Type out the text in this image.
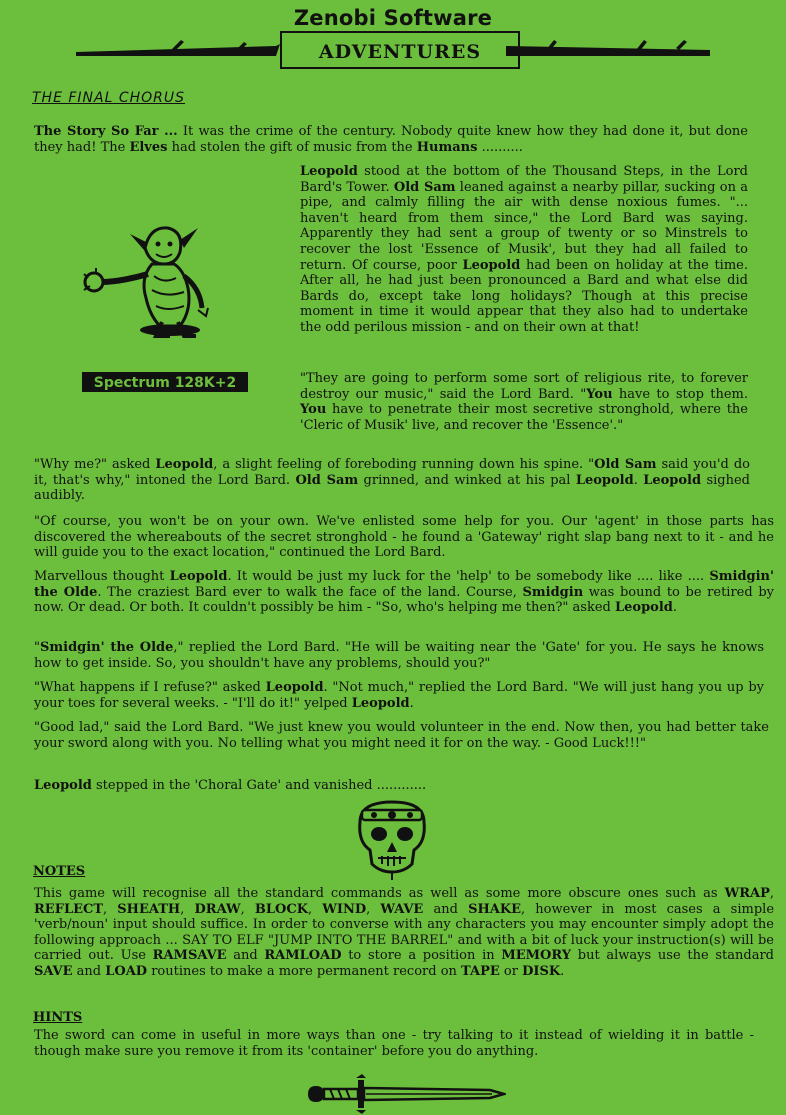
Zenobi Software
adventures
THE FINAL CHORUS

The Story So Far ... It was the crime of the century. Nobody quite knew how they had done it, but done they had! The Elves had stolen the gift of music from the Humans ..........

Spectrum 128K+2

Leopold stood at the bottom of the Thousand Steps, in the Lord Bard's Tower. Old Sam leaned against a nearby pillar, sucking on a pipe, and calmly filling the air with dense noxious fumes. "... haven't heard from them since," the Lord Bard was saying. Apparently they had sent a group of twenty or so Minstrels to recover the lost 'Essence of Musik', but they had all failed to return. Of course, poor Leopold had been on holiday at the time. After all, he had just been pronounced a Bard and what else did Bards do, except take long holidays? Though at this precise moment in time it would appear that they also had to undertake the odd perilous mission - and on their own at that!

"They are going to perform some sort of religious rite, to forever destroy our music," said the Lord Bard. "You have to stop them. You have to penetrate their most secretive stronghold, where the 'Cleric of Musik' live, and recover the 'Essence'."

"Why me?" asked Leopold, a slight feeling of foreboding running down his spine. "Old Sam said you'd do it, that's why," intoned the Lord Bard. Old Sam grinned, and winked at his pal Leopold. Leopold sighed audibly.

"Of course, you won't be on your own. We've enlisted some help for you. Our 'agent' in those parts has discovered the whereabouts of the secret stronghold - he found a 'Gateway' right slap bang next to it - and he will guide you to the exact location," continued the Lord Bard.

Marvellous thought Leopold. It would be just my luck for the 'help' to be somebody like .... like .... Smidgin' the Olde. The craziest Bard ever to walk the face of the land. Course, Smidgin was bound to be retired by now. Or dead. Or both. It couldn't possibly be him - "So, who's helping me then?" asked Leopold.

"Smidgin' the Olde," replied the Lord Bard. "He will be waiting near the 'Gate' for you. He says he knows how to get inside. So, you shouldn't have any problems, should you?"

"What happens if I refuse?" asked Leopold. "Not much," replied the Lord Bard. "We will just hang you up by your toes for several weeks. - "I'll do it!" yelped Leopold.

"Good lad," said the Lord Bard. "We just knew you would volunteer in the end. Now then, you had better take your sword along with you. No telling what you might need it for on the way. - Good Luck!!!"

Leopold stepped in the 'Choral Gate' and vanished ............

NOTES

This game will recognise all the standard commands as well as some more obscure ones such as WRAP, REFLECT, SHEATH, DRAW, BLOCK, WIND, WAVE and SHAKE, however in most cases a simple 'verb/noun' input should suffice. In order to converse with any characters you may encounter simply adopt the following approach ... SAY TO ELF "JUMP INTO THE BARREL" and with a bit of luck your instruction(s) will be carried out. Use RAMSAVE and RAMLOAD to store a position in MEMORY but always use the standard SAVE and LOAD routines to make a more permanent record on TAPE or DISK.

HINTS

The sword can come in useful in more ways than one - try talking to it instead of wielding it in battle - though make sure you remove it from its 'container' before you do anything.
